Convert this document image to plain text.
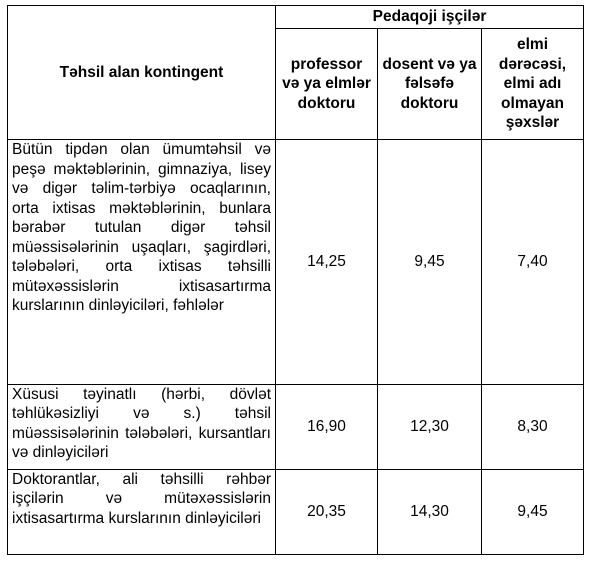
Təhsil alan kontingent	Pedaqoji işçilər		
	professor və ya elmlər doktoru	dosent və ya fəlsəfə doktoru	elmi dərəcəsi, elmi adı olmayan şəxslər
Bütün tipdən olan ümumtəhsil və peşə məktəblərinin, gimnaziya, lisey və digər təlim-tərbiyə ocaqlarının, orta ixtisas məktəblərinin, bunlara bərabər tutulan digər təhsil müəssisələrinin uşaqları, şagirdləri, tələbələri, orta ixtisas təhsilli mütəxəssislərin ixtisasartırma kurslarının dinləyiciləri, fəhlələr	14,25	9,45	7,40
Xüsusi təyinatlı (hərbi, dövlət təhlükəsizliyi və s.) təhsil müəssisələrinin tələbələri, kursantları və dinləyiciləri	16,90	12,30	8,30
Doktorantlar, ali təhsilli rəhbər işçilərin və mütəxəssislərin ixtisasartırma kurslarının dinləyiciləri	20,35	14,30	9,45
